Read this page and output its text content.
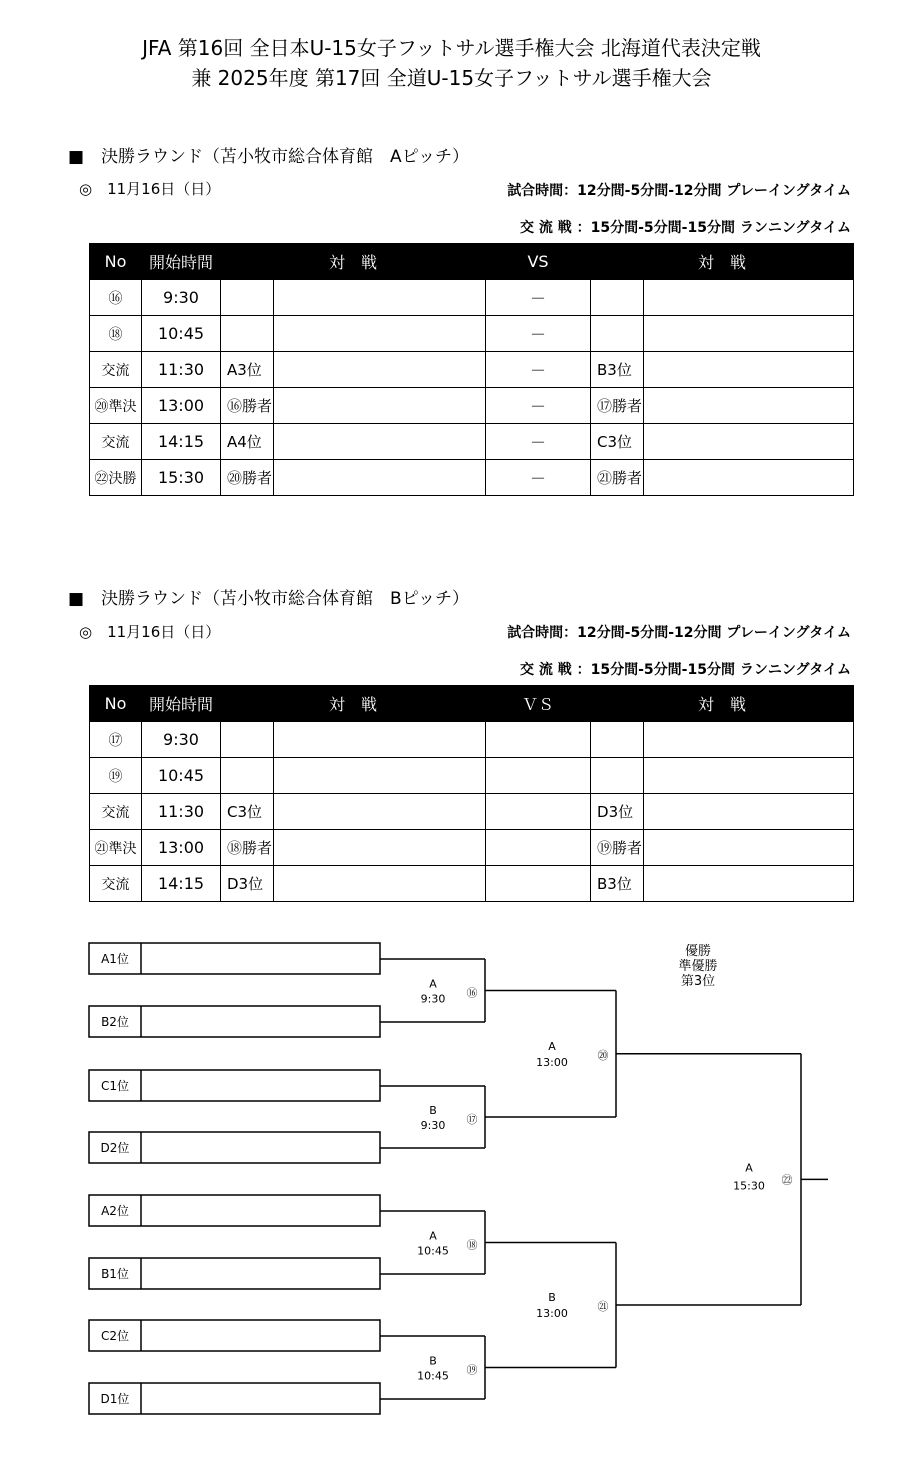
JFA 第16回 全日本U-15女子フットサル選手権大会 北海道代表決定戦
兼 2025年度 第17回 全道U-15女子フットサル選手権大会
■　決勝ラウンド（苫小牧市総合体育館　Aピッチ）
◎　11月16日（日）	試合時間：12分間-5分間-12分間 プレーイングタイム
交 流 戦 ：15分間-5分間-15分間 ランニングタイム
No	開始時間	対　戦		VS	対　戦	
⑯	9:30			－		
⑱	10:45			－		
交流	11:30	A3位		－	B3位	
⑳準決	13:00	⑯勝者		－	⑰勝者	
交流	14:15	A4位		－	C3位	
㉒決勝	15:30	⑳勝者		－	㉑勝者	
■　決勝ラウンド（苫小牧市総合体育館　Bピッチ）
◎　11月16日（日）	試合時間：12分間-5分間-12分間 プレーイングタイム
交 流 戦 ：15分間-5分間-15分間 ランニングタイム
No	開始時間	対　戦		ＶＳ	対　戦	
⑰	9:30					
⑲	10:45					
交流	11:30	C3位			D3位	
㉑準決	13:00	⑱勝者			⑲勝者	
交流	14:15	D3位			B3位	
A1位
B2位
C1位
D2位
A2位
B1位
C2位
D1位
A
9:30 ⑯
B
9:30 ⑰
A
10:45 ⑱
B
10:45 ⑲
A
13:00
⑳
B
13:00
㉑
A
15:30 ㉒
優勝
準優勝
第3位
